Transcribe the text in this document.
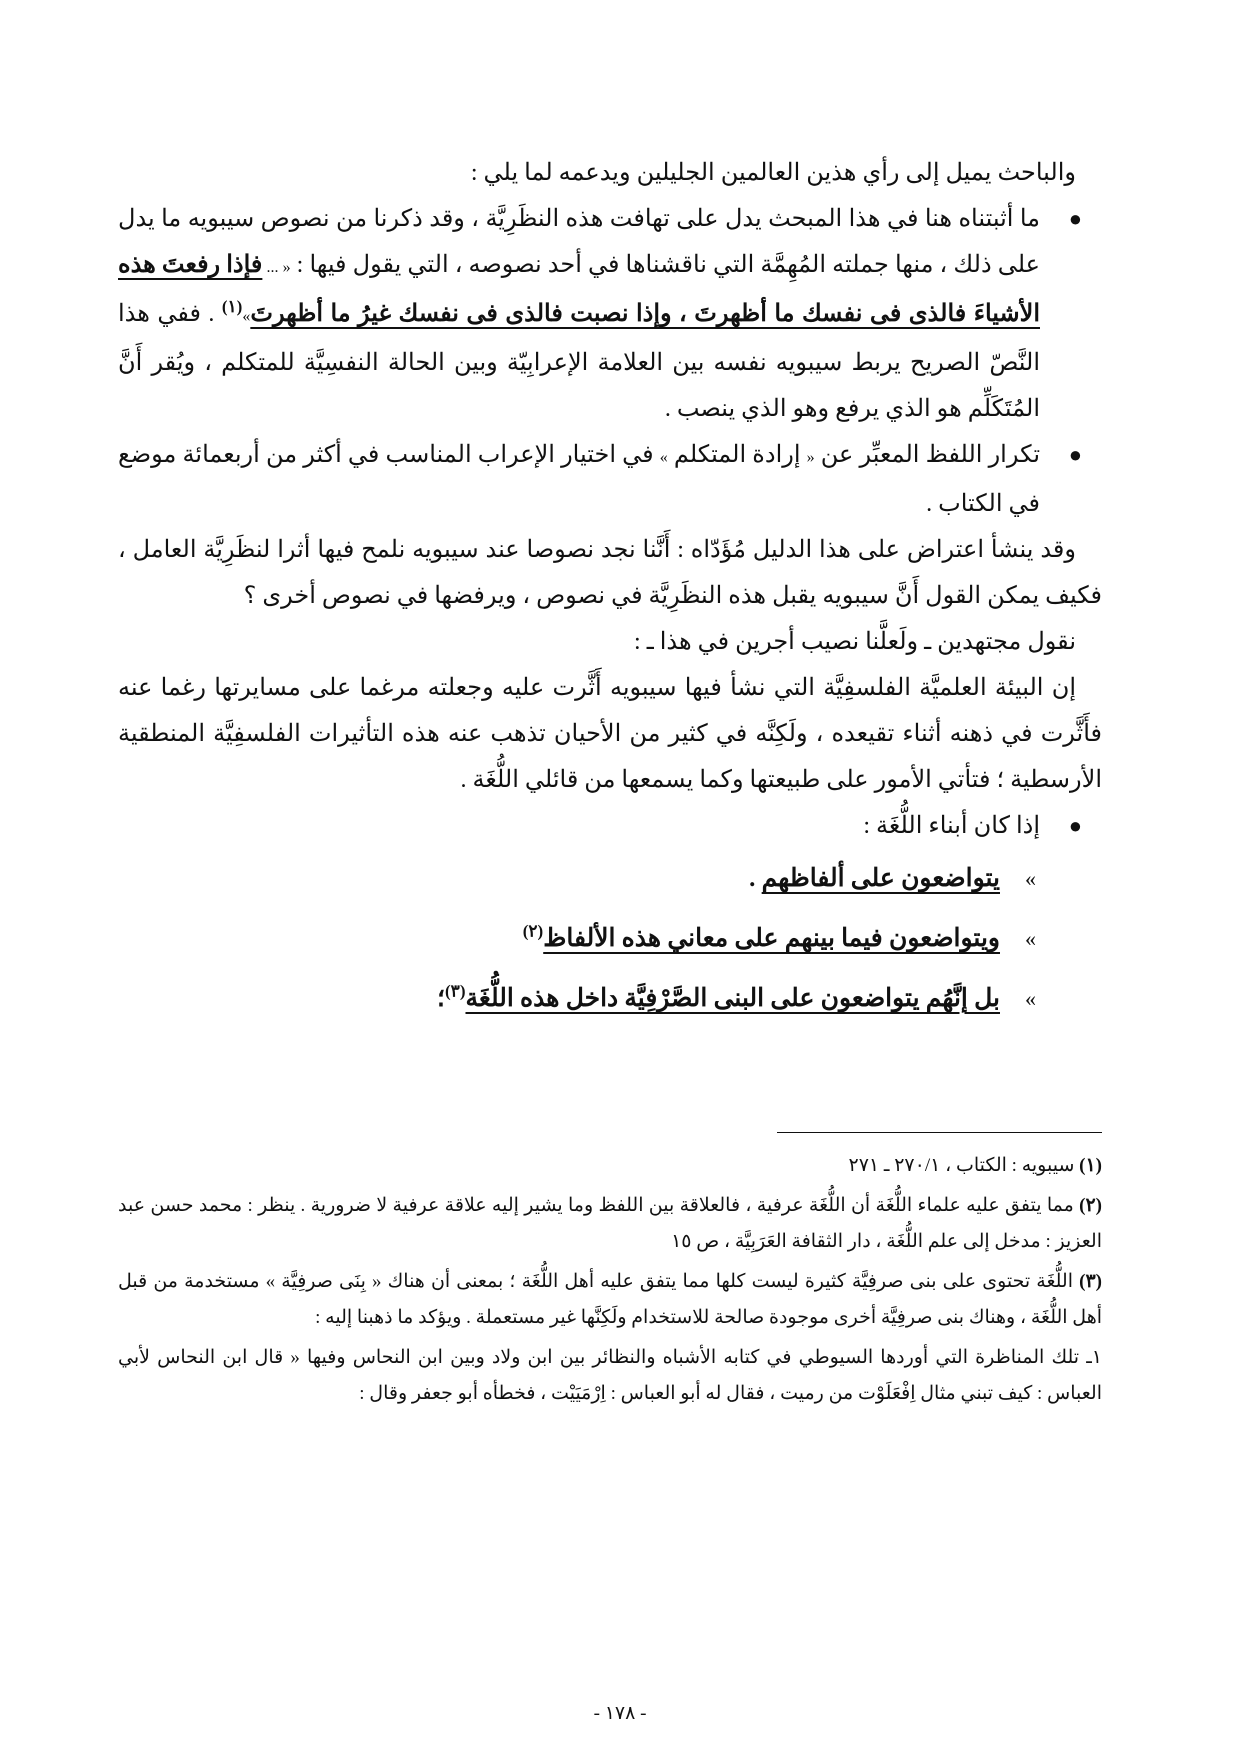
والباحث يميل إلى رأي هذين العالمين الجليلين ويدعمه لما يلي :

●
ما أثبتناه هنا في هذا المبحث يدل على تهافت هذه النظَرِيَّة ، وقد ذكرنا من نصوص سيبويه ما يدل على ذلك ، منها جملته المُهِمَّة التي ناقشناها في أحد نصوصه ، التي يقول فيها : « ... فإذا رفعتَ هذه الأشياءَ فالذى فى نفسك ما أظهرتَ ، وإذا نصبت فالذى فى نفسك غيرُ ما أظهرتَ»$^{(١)}$ . ففي هذا النَّصّ الصريح يربط سيبويه نفسه بين العلامة الإعرابِيّة وبين الحالة النفسِيَّة للمتكلم ، ويُقر أَنَّ المُتَكَلِّم هو الذي يرفع وهو الذي ينصب .

●
تكرار اللفظ المعبِّر عن « إرادة المتكلم » في اختيار الإعراب المناسب في أكثر من أربعمائة موضع في الكتاب .

وقد ينشأ اعتراض على هذا الدليل مُؤَدّاه : أَنَّنا نجد نصوصا عند سيبويه نلمح فيها أثرا لنظَرِيَّة العامل ، فكيف يمكن القول أَنَّ سيبويه يقبل هذه النظَرِيَّة في نصوص ، ويرفضها في نصوص أخرى ؟

نقول مجتهدين ـ ولَعلَّنا نصيب أجرين في هذا ـ :

إن البيئة العلميَّة الفلسفِيَّة التي نشأ فيها سيبويه أَثَّرت عليه وجعلته مرغما على مسايرتها رغما عنه فأَثَّرت في ذهنه أثناء تقيعده ، ولَكِنَّه في كثير من الأحيان تذهب عنه هذه التأثيرات الفلسفِيَّة المنطقية الأرسطية ؛ فتأتي الأمور على طبيعتها وكما يسمعها من قائلي اللُّغَة .

●
إذا كان أبناء اللُّغَة :

»
يتواضعون على ألفاظهم .

»
ويتواضعون فيما بينهم على معاني هذه الألفاظ$^{(٢)}$

»
بل إنَّهُم يتواضعون على البنى الصَّرْفِيَّة داخل هذه اللُّغَة$^{(٣)}$؛

(١) سيبويه : الكتاب ، ٢٧٠/١ ـ ٢٧١

(٢) مما يتفق عليه علماء اللُّغَة أن اللُّغَة عرفية ، فالعلاقة بين اللفظ وما يشير إليه علاقة عرفية لا ضرورية . ينظر : محمد حسن عبد العزيز : مدخل إلى علم اللُّغَة ، دار الثقافة العَرَبِيَّة ، ص ١٥

(٣) اللُّغَة تحتوى على بنى صرفِيَّة كثيرة ليست كلها مما يتفق عليه أهل اللُّغَة ؛ بمعنى أن هناك « بِنَى صرفِيَّة » مستخدمة من قبل أهل اللُّغَة ، وهناك بنى صرفِيَّة أخرى موجودة صالحة للاستخدام ولَكِنَّها غير مستعملة . ويؤكد ما ذهبنا إليه :

١ـ تلك المناظرة التي أوردها السيوطي في كتابه الأشباه والنظائر بين ابن ولاد وبين ابن النحاس وفيها « قال ابن النحاس لأبي العباس : كيف تبني مثال اِفْعَلَوْت من رميت ، فقال له أبو العباس : اِرْمَيَيْت ، فخطأه أبو جعفر وقال :

- ١٧٨ -
